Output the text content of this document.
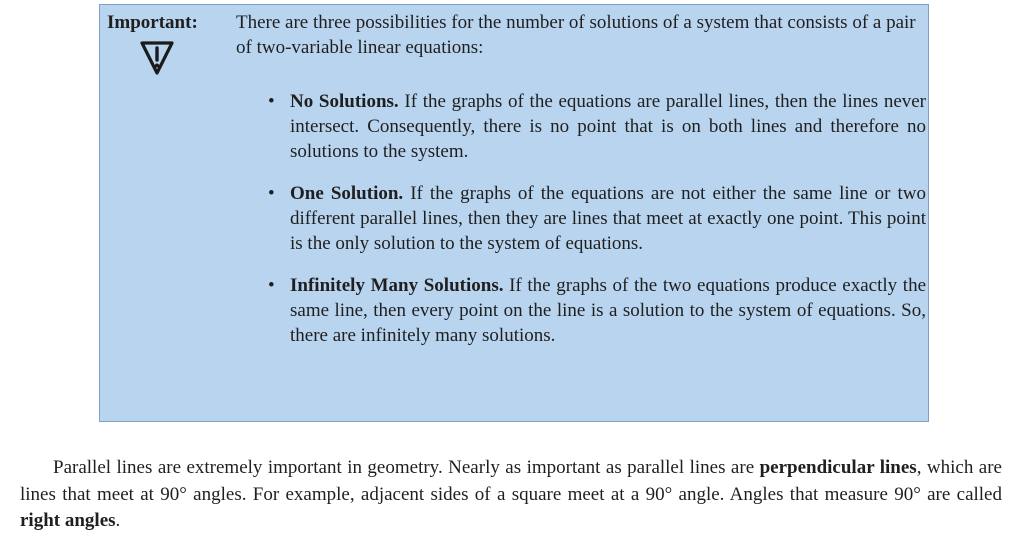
Important: There are three possibilities for the number of solutions of a system that consists of a pair of two-variable linear equations:
• No Solutions. If the graphs of the equations are parallel lines, then the lines never intersect. Consequently, there is no point that is on both lines and therefore no solutions to the system.
• One Solution. If the graphs of the equations are not either the same line or two different parallel lines, then they are lines that meet at exactly one point. This point is the only solution to the system of equations.
• Infinitely Many Solutions. If the graphs of the two equations produce exactly the same line, then every point on the line is a solution to the system of equations. So, there are infinitely many solutions.

Parallel lines are extremely important in geometry. Nearly as important as parallel lines are perpendicular lines, which are lines that meet at 90° angles. For example, adjacent sides of a square meet at a 90° angle. Angles that measure 90° are called right angles.
